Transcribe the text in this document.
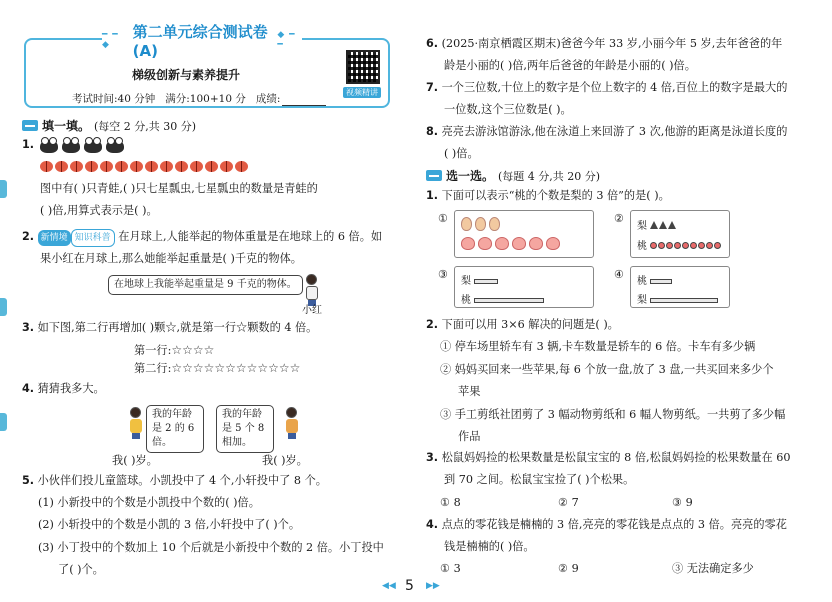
梯级创新与素养提升
考试时间:40 分钟 满分:100+10 分 成绩:
视频精讲
━ ━ ◆
第二单元综合测试卷(A)
◆ ━ ━
填一填。 (每空 2 分,共 30 分)
1.
图中有( )只青蛙,( )只七星瓢虫,七星瓢虫的数量是青蛙的
( )倍,用算式表示是( )。
2. 新情境 知识科普 在月球上,人能举起的物体重量是在地球上的 6 倍。如
果小红在月球上,那么她能举起重量是( )千克的物体。
在地球上我能举起重量是 9 千克的物体。
小红
3. 如下图,第二行再增加( )颗☆,就是第一行☆颗数的 4 倍。
第一行:☆☆☆☆
第二行:☆☆☆☆☆☆☆☆☆☆☆☆
4. 猜猜我多大。
我的年龄是 2 的 6 倍。
我的年龄是 5 个 8 相加。
我( )岁。	我( )岁。
5. 小伙伴们投儿童篮球。小凯投中了 4 个,小轩投中了 8 个。
(1) 小新投中的个数是小凯投中个数的( )倍。
(2) 小斩投中的个数是小凯的 3 倍,小轩投中了( )个。
(3) 小丁投中的个数加上 10 个后就是小新投中个数的 2 倍。小丁投中
了( )个。
6. (2025·南京栖霞区期末)爸爸今年 33 岁,小丽今年 5 岁,去年爸爸的年
龄是小丽的( )倍,两年后爸爸的年龄是小丽的( )倍。
7. 一个三位数,十位上的数字是个位上数字的 4 倍,百位上的数字是最大的
一位数,这个三位数是( )。
8. 亮亮去游泳馆游泳,他在泳道上来回游了 3 次,他游的距离是泳道长度的
( )倍。
选一选。 (每题 4 分,共 20 分)
1. 下面可以表示“桃的个数是梨的 3 倍”的是( )。
①	②
梨
桃
③
梨
桃
④
桃
梨
2. 下面可以用 3×6 解决的问题是( )。
① 停车场里轿车有 3 辆,卡车数量是轿车的 6 倍。卡车有多少辆
② 妈妈买回来一些苹果,每 6 个放一盘,放了 3 盘,一共买回来多少个
苹果
③ 手工剪纸社团剪了 3 幅动物剪纸和 6 幅人物剪纸。一共剪了多少幅
作品
3. 松鼠妈妈捡的松果数量是松鼠宝宝的 8 倍,松鼠妈妈捡的松果数量在 60
到 70 之间。松鼠宝宝捡了( )个松果。
① 8	② 7	③ 9
4. 点点的零花钱是楠楠的 3 倍,亮亮的零花钱是点点的 3 倍。亮亮的零花
钱是楠楠的( )倍。
① 3	② 9	③ 无法确定多少
◀◀ 5 ▶▶
